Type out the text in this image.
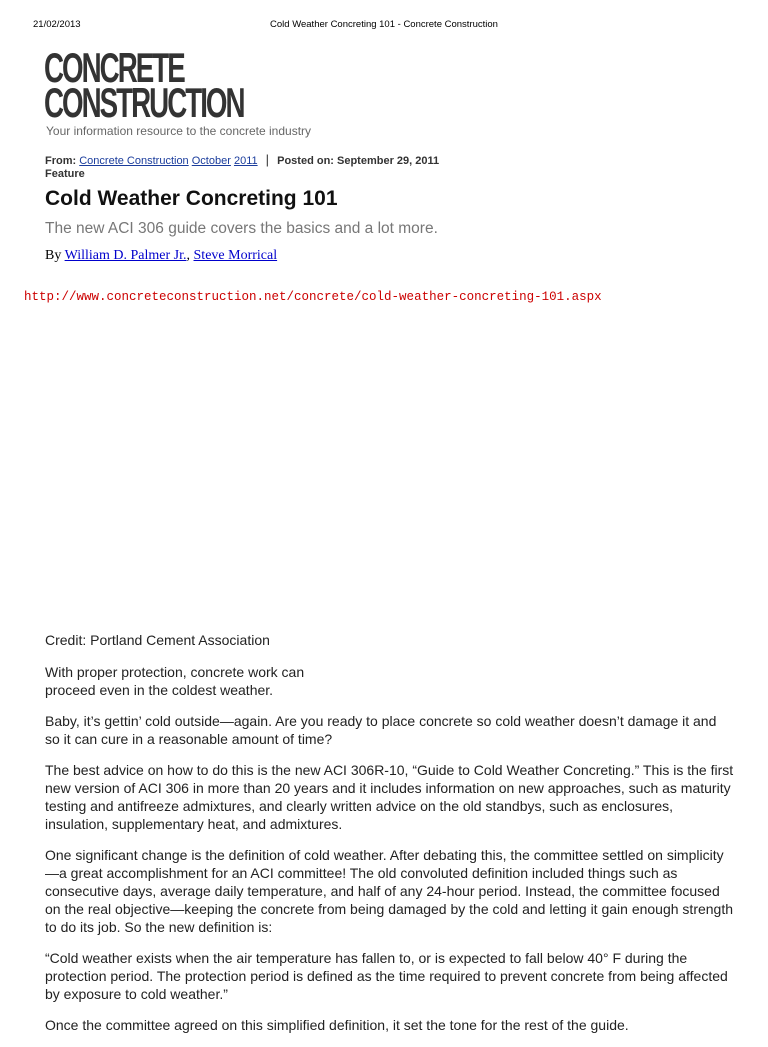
21/02/2013	Cold Weather Concreting 101 - Concrete Construction
CONCRETE
CONSTRUCTION
Your information resource to the concrete industry
From: Concrete Construction October 2011 | Posted on: September 29, 2011
Feature
Cold Weather Concreting 101
The new ACI 306 guide covers the basics and a lot more.
By William D. Palmer Jr., Steve Morrical
http://www.concreteconstruction.net/concrete/cold-weather-concreting-101.aspx

Credit: Portland Cement Association

With proper protection, concrete work can proceed even in the coldest weather.

Baby, it’s gettin’ cold outside—again. Are you ready to place concrete so cold weather doesn’t damage it and so it can cure in a reasonable amount of time?

The best advice on how to do this is the new ACI 306R-10, “Guide to Cold Weather Concreting.” This is the first new version of ACI 306 in more than 20 years and it includes information on new approaches, such as maturity testing and antifreeze admixtures, and clearly written advice on the old standbys, such as enclosures, insulation, supplementary heat, and admixtures.

One significant change is the definition of cold weather. After debating this, the committee settled on simplicity—a great accomplishment for an ACI committee! The old convoluted definition included things such as consecutive days, average daily temperature, and half of any 24-hour period. Instead, the committee focused on the real objective—keeping the concrete from being damaged by the cold and letting it gain enough strength to do its job. So the new definition is:

“Cold weather exists when the air temperature has fallen to, or is expected to fall below 40° F during the protection period. The protection period is defined as the time required to prevent concrete from being affected by exposure to cold weather.”

Once the committee agreed on this simplified definition, it set the tone for the rest of the guide.
